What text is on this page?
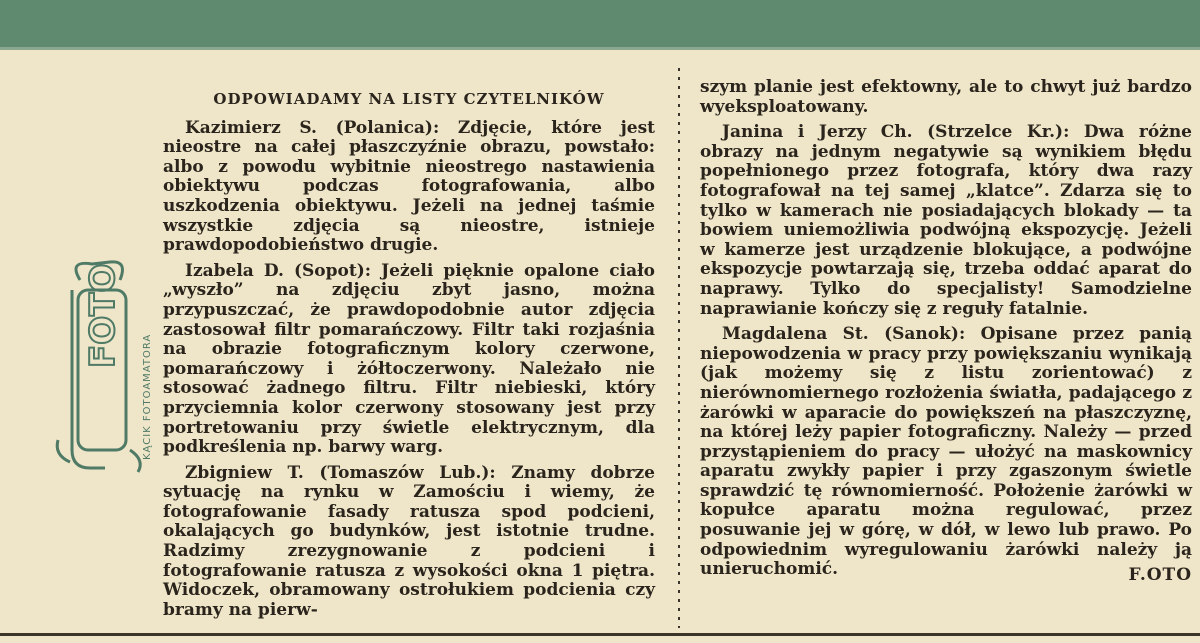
FOTO
KĄCIK FOTOAMATORA
ODPOWIADAMY NA LISTY CZYTELNIKÓW

Kazimierz S. (Polanica): Zdjęcie, które jest nieostre na całej płaszczyźnie obrazu, powstało: albo z powodu wybitnie nieostrego nastawienia obiektywu podczas fotografowania, albo uszkodzenia obiektywu. Jeżeli na jednej taśmie wszystkie zdjęcia są nieostre, istnieje prawdopodobieństwo drugie.

Izabela D. (Sopot): Jeżeli pięknie opalone ciało „wyszło” na zdjęciu zbyt jasno, można przypuszczać, że prawdopodobnie autor zdjęcia zastosował filtr pomarańczowy. Filtr taki rozjaśnia na obrazie fotograficznym kolory czerwone, pomarańczowy i żółtoczerwony. Należało nie stosować żadnego filtru. Filtr niebieski, który przyciemnia kolor czerwony stosowany jest przy portretowaniu przy świetle elektrycznym, dla podkreślenia np. barwy warg.

Zbigniew T. (Tomaszów Lub.): Znamy dobrze sytuację na rynku w Zamościu i wiemy, że fotografowanie fasady ratusza spod podcieni, okalających go budynków, jest istotnie trudne. Radzimy zrezygnowanie z podcieni i fotografowanie ratusza z wysokości okna 1 piętra. Widoczek, obramowany ostrołukiem podcienia czy bramy na pierw-

szym planie jest efektowny, ale to chwyt już bardzo wyeksploatowany.

Janina i Jerzy Ch. (Strzelce Kr.): Dwa różne obrazy na jednym negatywie są wynikiem błędu popełnionego przez fotografa, który dwa razy fotografował na tej samej „klatce”. Zdarza się to tylko w kamerach nie posiadających blokady — ta bowiem uniemożliwia podwójną ekspozycję. Jeżeli w kamerze jest urządzenie blokujące, a podwójne ekspozycje powtarzają się, trzeba oddać aparat do naprawy. Tylko do specjalisty! Samodzielne naprawianie kończy się z reguły fatalnie.

Magdalena St. (Sanok): Opisane przez panią niepowodzenia w pracy przy powiększaniu wynikają (jak możemy się z listu zorientować) z nierównomiernego rozłożenia światła, padającego z żarówki w aparacie do powiększeń na płaszczyznę, na której leży papier fotograficzny. Należy — przed przystąpieniem do pracy — ułożyć na maskownicy aparatu zwykły papier i przy zgaszonym świetle sprawdzić tę równomierność. Położenie żarówki w kopułce aparatu można regulować, przez posuwanie jej w górę, w dół, w lewo lub prawo. Po odpowiednim wyregulowaniu żarówki należy ją unieruchomić.	F.OTO
